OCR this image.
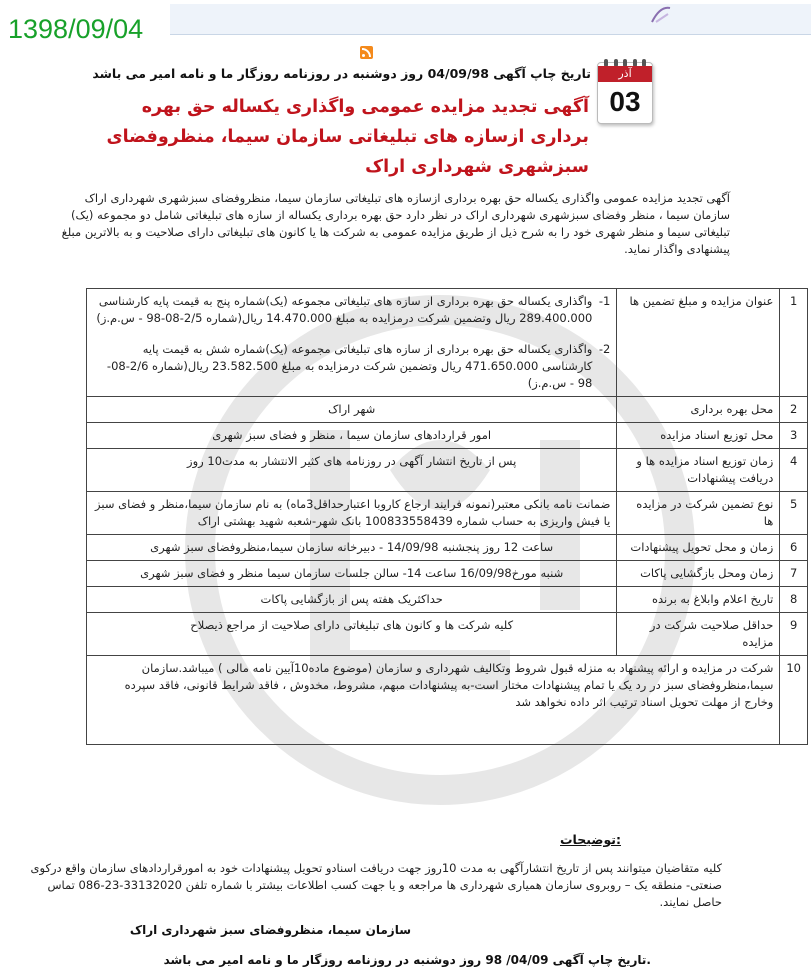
1398/09/04
تاریخ چاپ آگهی 04/09/98 روز دوشنبه در روزنامه روزگار ما و نامه امیر می باشد	آذر
03
آگهی تجدید مزایده عمومی واگذاری یکساله حق بهره برداری ازسازه های تبلیغاتی سازمان سیما، منظروفضای سبزشهری شهرداری اراک

آگهی تجدید مزایده عمومی واگذاری یکساله حق بهره برداری ازسازه های تبلیغاتی سازمان سیما، منظروفضای سبزشهری شهرداری اراک

سازمان سیما ، منظر وفضای سبزشهری شهرداری اراک در نظر دارد حق بهره برداری یکساله از سازه های تبلیغاتی شامل دو مجموعه (یک) تبلیغاتی سیما و منظر شهری خود را به شرح ذیل از طریق مزایده عمومی به شرکت ها یا کانون های تبلیغاتی دارای صلاحیت و به بالاترین مبلغ پیشنهادی واگذار نماید.

1	عنوان مزایده و مبلغ تضمین ها	1-
واگذاری یکساله حق بهره برداری از سازه های تبلیغاتی مجموعه (یک)شماره پنج به قیمت پایه کارشناسی 289.400.000 ریال وتضمین شرکت درمزایده به مبلغ 14.470.000 ریال(شماره 2/5-08-98 - س.م.ز)
2-
واگذاری یکساله حق بهره برداری از سازه های تبلیغاتی مجموعه (یک)شماره شش به قیمت پایه کارشناسی 471.650.000 ریال وتضمین شرکت درمزایده به مبلغ 23.582.500 ریال(شماره 2/6-08-98 - س.م.ز)

2	محل بهره برداری	شهر اراک
3	محل توزیع اسناد مزایده	امور قراردادهای سازمان سیما ، منظر و فضای سبز شهری
4	زمان توزیع اسناد مزایده ها و دریافت پیشنهادات	پس از تاریخ انتشار آگهی در روزنامه های کثیر الانتشار به مدت10 روز
5	نوع تضمین شرکت در مزایده ها	ضمانت نامه بانکی معتبر(نمونه فرایند ارجاع کاروبا اعتبارحداقل3ماه) به نام سازمان سیما،منظر و فضای سبز یا فیش واریزی به حساب شماره 100833558439 بانک شهر-شعبه شهید بهشتی اراک
6	زمان و محل تحویل پیشنهادات	ساعت 12 روز پنجشنبه 14/09/98 - دبیرخانه سازمان سیما،منظروفضای سبز شهری
7	زمان ومحل بازگشایی پاکات	شنبه مورخ16/09/98 ساعت 14- سالن جلسات سازمان سیما منظر و فضای سبز شهری
8	تاریخ اعلام وابلاغ به برنده	حداکثریک هفته پس از بازگشایی پاکات
9	حداقل صلاحیت شرکت در مزایده	کلیه شرکت ها و کانون های تبلیغاتی دارای صلاحیت از مراجع ذیصلاح
10	شرکت در مزایده و ارائه پیشنهاد به منزله قبول شروط وتکالیف شهرداری و سازمان (موضوع ماده10آیین نامه مالی ) میباشد.سازمان سیما،منظروفضای سبز در رد یک یا تمام پیشنهادات مختار است-به پیشنهادات مبهم، مشروط، مخدوش ، فاقد شرایط قانونی، فاقد سپرده وخارج از مهلت تحویل اسناد ترتیب اثر داده نخواهد شد	
:توضیحات

کلیه متقاضیان میتوانند پس از تاریخ انتشارآگهی به مدت 10روز جهت دریافت اسنادو تحویل پیشنهادات خود به امورقراردادهای سازمان واقع درکوی صنعتی- منطقه یک – روبروی سازمان همیاری شهرداری ها مراجعه و یا جهت کسب اطلاعات بیشتر با شماره تلفن 33132020-23-086 تماس حاصل نمایند.

سازمان سیما، منظروفضای سبز شهرداری اراک
.تاریخ چاپ آگهی 04/09/ 98 روز دوشنبه در روزنامه روزگار ما و نامه امیر می باشد
